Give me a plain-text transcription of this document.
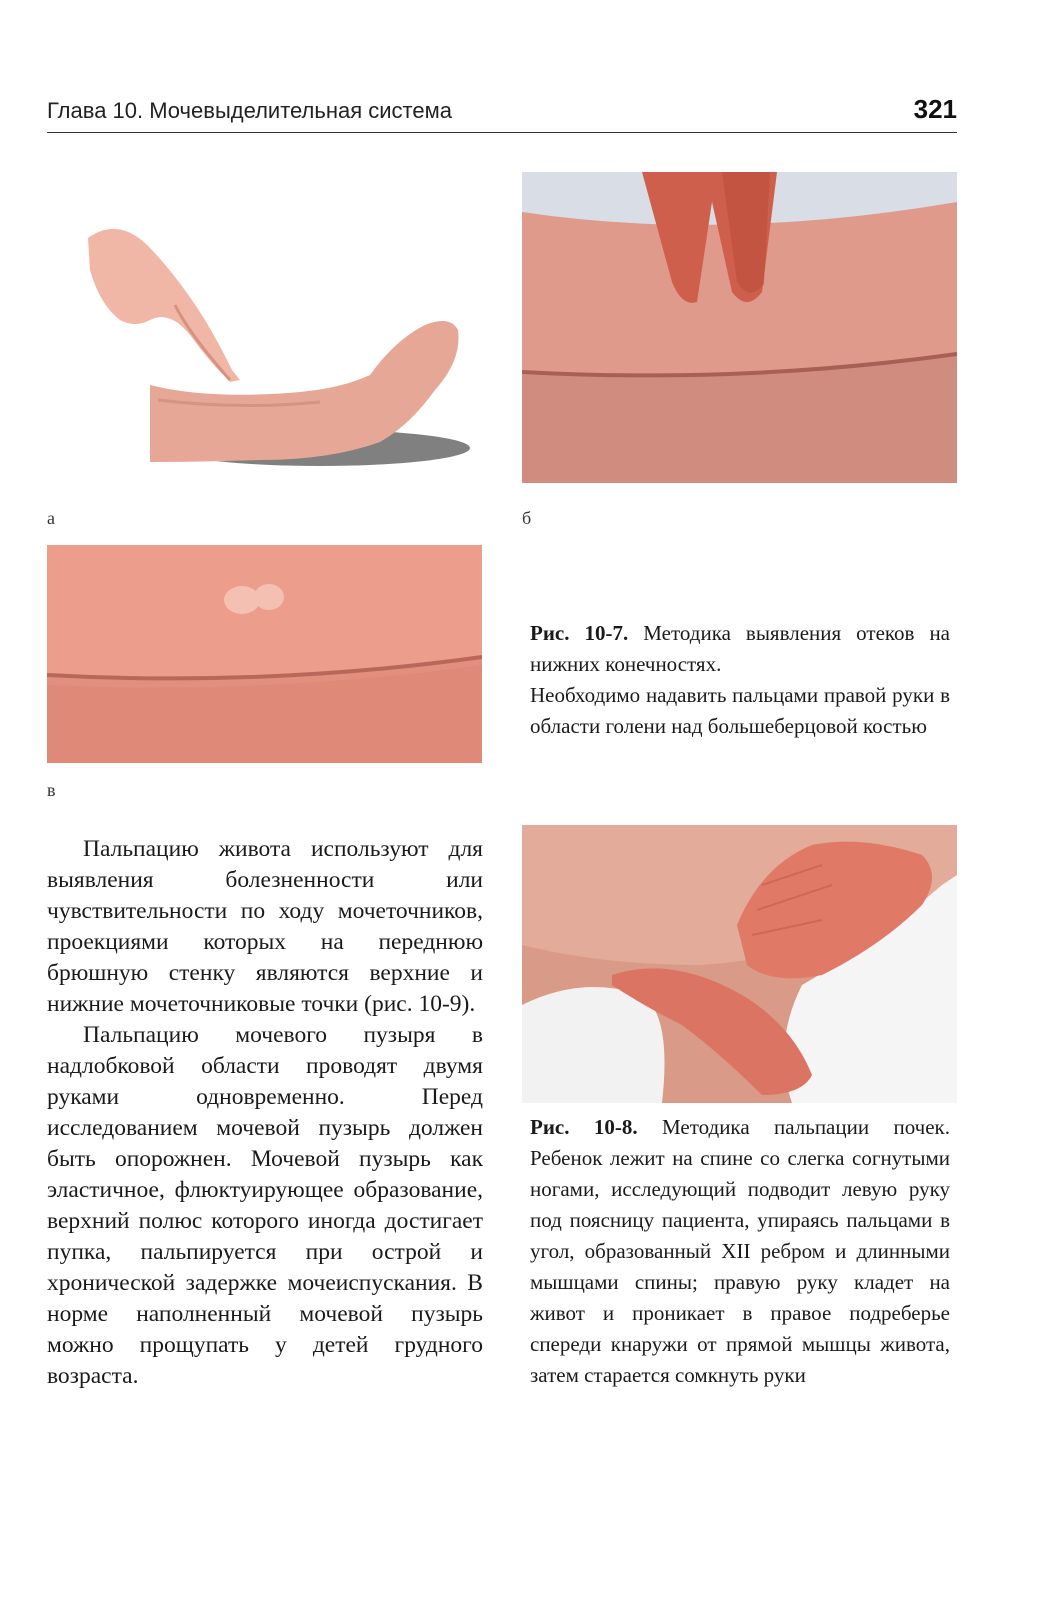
Глава 10. Мочевыделительная система	321
а	б
в

Рис. 10-7. Методика выявления отеков на нижних конечностях.

Необходимо надавить пальцами правой руки в области голени над большеберцовой костью

Пальпацию живота используют для выявления болезненности или чувствительности по ходу мочеточников, проекциями которых на переднюю брюшную стенку являются верхние и нижние мочеточниковые точки (рис. 10-9).

Пальпацию мочевого пузыря в надлобковой области проводят двумя руками одновременно. Перед исследованием мочевой пузырь должен быть опорожнен. Мочевой пузырь как эластичное, флюктуирующее образование, верхний полюс которого иногда достигает пупка, пальпируется при острой и хронической задержке мочеиспускания. В норме наполненный мочевой пузырь можно прощупать у детей грудного возраста.

Рис. 10-8. Методика пальпации почек. Ребенок лежит на спине со слегка согнутыми ногами, исследующий подводит левую руку под поясницу пациента, упираясь пальцами в угол, образованный XII ребром и длинными мышцами спины; правую руку кладет на живот и проникает в правое подреберье спереди кнаружи от прямой мышцы живота, затем старается сомкнуть руки
